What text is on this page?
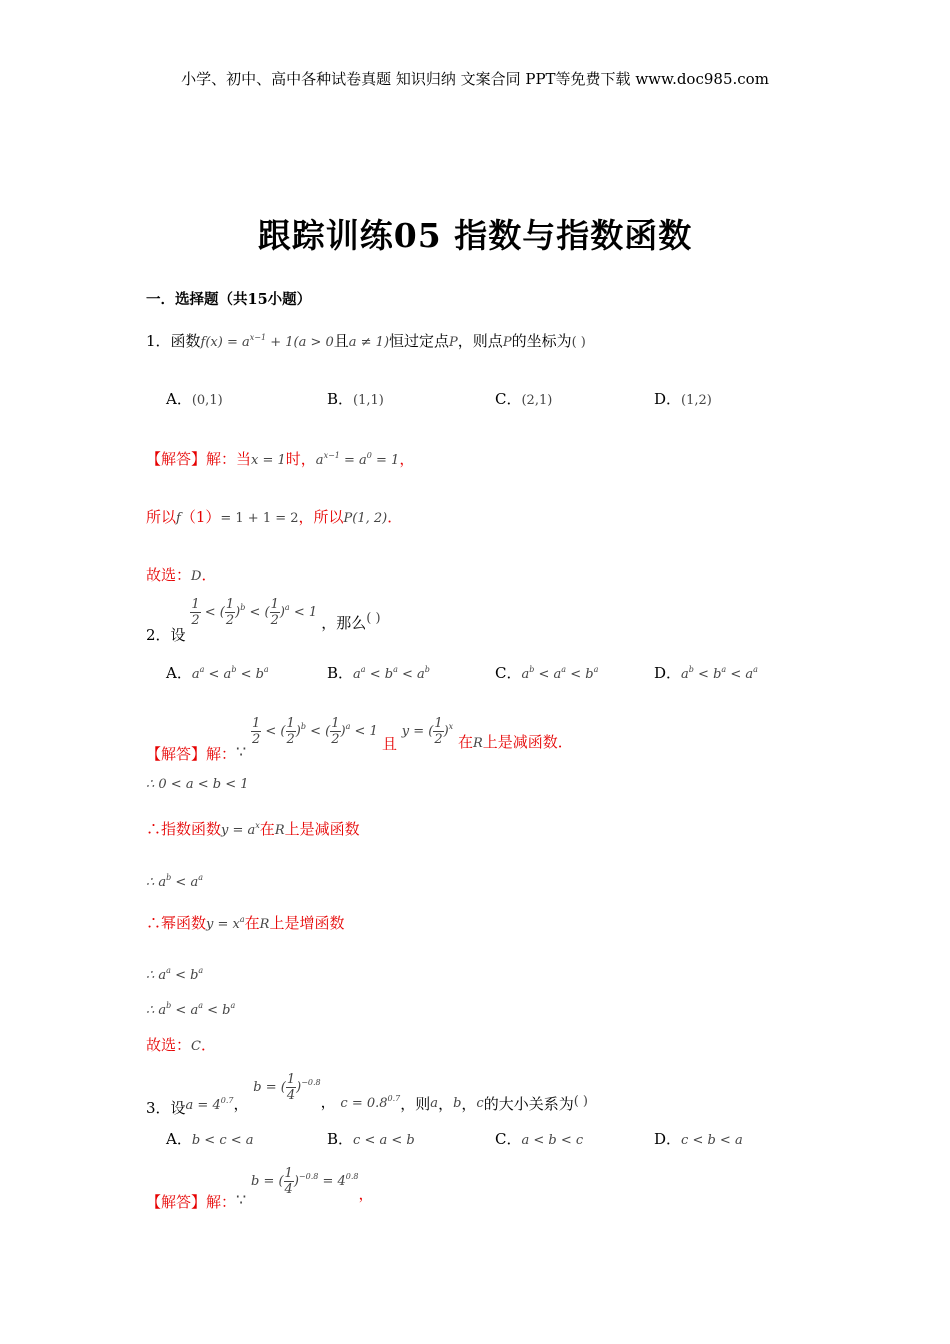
小学、初中、高中各种试卷真题 知识归纳 文案合同 PPT等免费下载 www.doc985.com
跟踪训练05 指数与指数函数
一．选择题（共15小题）
1．函数$f(x) = a^{x-1} + 1(a > 0$且a ≠ 1)恒过定点P，则点P的坐标为( )
A．(0,1)	B．(1,1)	C．(2,1)	D．(1,2)
【解答】解：当x = 1时，$a^{x-1} = a^0 = 1$，
所以f（1）= 1 + 1 = 2，所以P(1, 2)．
故选：D．
2．设
$\frac{1}{2}$ < ( $\frac{1}{2} )^b$ < ( $\frac{1}{2} )^a < 1$ ，那么( )
A．$a^a < a^b < b^a$	B．$a^a < b^a < a^b$	C．$a^b < a^a < b^a$	D．$a^b < b^a < a^a$
【解答】解：∵
$\frac{1}{2}$ < ( $\frac{1}{2} )^b$ < ( $\frac{1}{2} )^a < 1$ 且 y = ( $\frac{1}{2} )^x$ 在R上是减函数．
∴ 0 < a < b < 1
∴指数函数$y = a^x$在R上是减函数
∴ $a^b < a^a$
∴幂函数$y = x^a$在R上是增函数
∴ $a^a < b^a$
∴ $a^b < a^a < b^a$
故选：C．
3．设$a = 4^{0.7}$， b = ( $\frac{1}{4} )^{-0.8}$， $c = 0.8^{0.7}$，则a，b，c的大小关系为( )
A．b < c < a	B．c < a < b	C．a < b < c	D．c < b < a
【解答】解：∵ b = ( $\frac{1}{4} )^{-0.8} = 4^{0.8}$，
